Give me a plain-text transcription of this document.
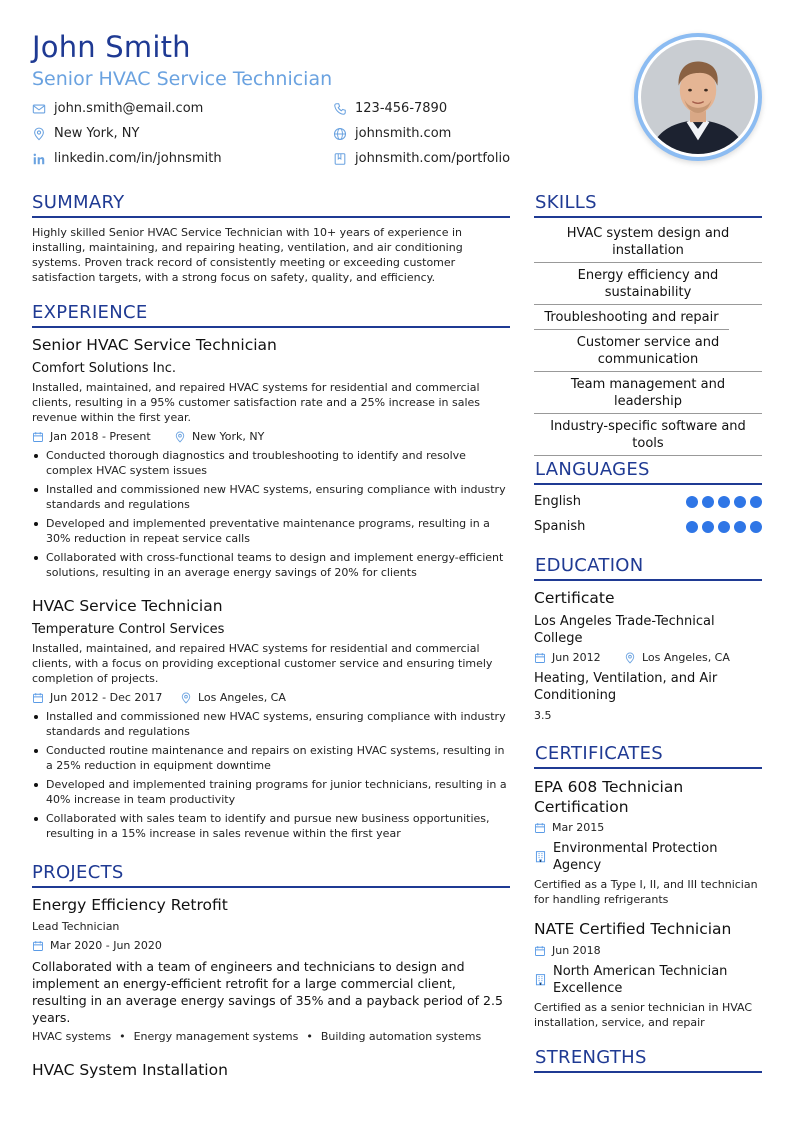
John Smith
Senior HVAC Service Technician
john.smith@email.com	123-456-7890
New York, NY	johnsmith.com
linkedin.com/in/johnsmith	johnsmith.com/portfolio
SUMMARY
Highly skilled Senior HVAC Service Technician with 10+ years of experience in installing, maintaining, and repairing heating, ventilation, and air conditioning systems. Proven track record of consistently meeting or exceeding customer satisfaction targets, with a strong focus on safety, quality, and efficiency.
EXPERIENCE
Senior HVAC Service Technician
Comfort Solutions Inc.
Installed, maintained, and repaired HVAC systems for residential and commercial clients, resulting in a 95% customer satisfaction rate and a 25% increase in sales revenue within the first year.
Jan 2018 - Present	New York, NY
Conducted thorough diagnostics and troubleshooting to identify and resolve complex HVAC system issues
Installed and commissioned new HVAC systems, ensuring compliance with industry standards and regulations
Developed and implemented preventative maintenance programs, resulting in a 30% reduction in repeat service calls
Collaborated with cross-functional teams to design and implement energy-efficient solutions, resulting in an average energy savings of 20% for clients
HVAC Service Technician
Temperature Control Services
Installed, maintained, and repaired HVAC systems for residential and commercial clients, with a focus on providing exceptional customer service and ensuring timely completion of projects.
Jun 2012 - Dec 2017	Los Angeles, CA
Installed and commissioned new HVAC systems, ensuring compliance with industry standards and regulations
Conducted routine maintenance and repairs on existing HVAC systems, resulting in a 25% reduction in equipment downtime
Developed and implemented training programs for junior technicians, resulting in a 40% increase in team productivity
Collaborated with sales team to identify and pursue new business opportunities, resulting in a 15% increase in sales revenue within the first year
PROJECTS
Energy Efficiency Retrofit
Lead Technician
Mar 2020 - Jun 2020
Collaborated with a team of engineers and technicians to design and implement an energy-efficient retrofit for a large commercial client, resulting in an average energy savings of 35% and a payback period of 2.5 years.
HVAC systems • Energy management systems • Building automation systems
HVAC System Installation
SKILLS
HVAC system design and installation
Energy efficiency and sustainability
Troubleshooting and repair
Customer service and communication
Team management and leadership
Industry-specific software and tools
LANGUAGES
English
Spanish
EDUCATION
Certificate
Los Angeles Trade-Technical College
Jun 2012	Los Angeles, CA
Heating, Ventilation, and Air Conditioning
3.5
CERTIFICATES
EPA 608 Technician Certification
Mar 2015
Environmental Protection Agency
Certified as a Type I, II, and III technician for handling refrigerants
NATE Certified Technician
Jun 2018
North American Technician Excellence
Certified as a senior technician in HVAC installation, service, and repair
STRENGTHS
